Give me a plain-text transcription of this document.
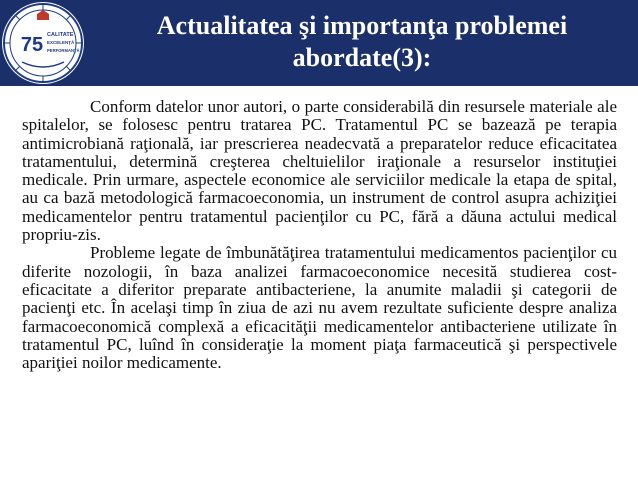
75 CALITATE
EXCELENŢĂ
PERFORMANŢĂ
Actualitatea şi importanţa problemei
abordate(3):

Conform datelor unor autori, o parte considerabilă din resursele materiale ale spitalelor, se folosesc pentru tratarea PC. Tratamentul PC se bazează pe terapia antimicrobiană raţională, iar prescrierea neadecvată a preparatelor reduce eficacitatea tratamentului, determină creşterea cheltuielilor iraţionale a resurselor instituţiei medicale. Prin urmare, aspectele economice ale serviciilor medicale la etapa de spital, au ca bază metodologică farmacoeconomia, un instrument de control asupra achiziţiei medicamentelor pentru tratamentul pacienţilor cu PC, fără a dăuna actului medical propriu-zis.

Probleme legate de îmbunătăţirea tratamentului medicamentos pacienţilor cu diferite nozologii, în baza analizei farmacoeconomice necesită studierea cost-eficacitate a diferitor preparate antibacteriene, la anumite maladii şi categorii de pacienţi etc. În acelaşi timp în ziua de azi nu avem rezultate suficiente despre analiza farmacoeconomică complexă a eficacităţii medicamentelor antibacteriene utilizate în tratamentul PC, luînd în consideraţie la moment piaţa farmaceutică şi perspectivele apariţiei noilor medicamente.
